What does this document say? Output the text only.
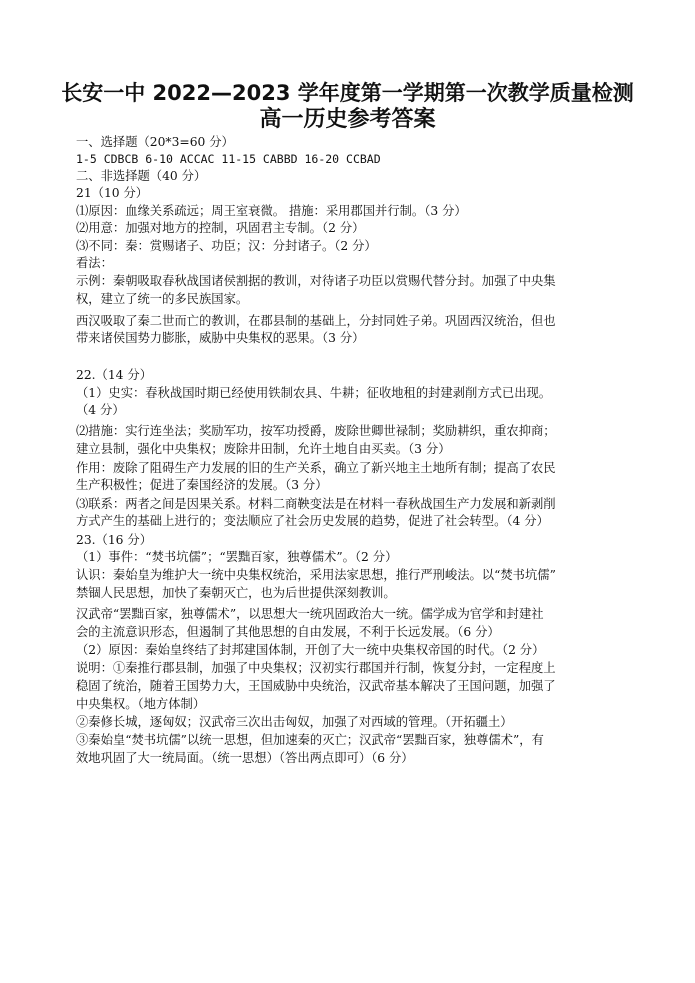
长安一中 2022—2023 学年度第一学期第一次教学质量检测
高一历史参考答案
一、选择题（20*3=60 分）
1-5 CDBCB 6-10 ACCAC 11-15 CABBD 16-20 CCBAD
二、非选择题（40 分）
21（10 分）
⑴原因：血缘关系疏远；周王室衰微。 措施：采用郡国并行制。（3 分）
⑵用意：加强对地方的控制，巩固君主专制。（2 分）
⑶不同：秦：赏赐诸子、功臣；汉：分封诸子。（2 分）
看法：
示例：秦朝吸取春秋战国诸侯割据的教训，对待诸子功臣以赏赐代替分封。加强了中央集
权，建立了统一的多民族国家。
西汉吸取了秦二世而亡的教训，在郡县制的基础上，分封同姓子弟。巩固西汉统治，但也
带来诸侯国势力膨胀，威胁中央集权的恶果。（3 分）
22.（14 分）
（1）史实：春秋战国时期已经使用铁制农具、牛耕；征收地租的封建剥削方式已出现。
（4 分）
⑵措施：实行连坐法；奖励军功，按军功授爵，废除世卿世禄制；奖励耕织，重农抑商；
建立县制，强化中央集权；废除井田制，允许土地自由买卖。（3 分）
作用：废除了阻碍生产力发展的旧的生产关系，确立了新兴地主土地所有制；提高了农民
生产积极性；促进了秦国经济的发展。（3 分）
⑶联系：两者之间是因果关系。材料二商鞅变法是在材料一春秋战国生产力发展和新剥削
方式产生的基础上进行的；变法顺应了社会历史发展的趋势，促进了社会转型。（4 分）
23.（16 分）
（1）事件：“焚书坑儒”；“罢黜百家，独尊儒术”。（2 分）
认识：秦始皇为维护大一统中央集权统治，采用法家思想，推行严刑峻法。以“焚书坑儒”
禁锢人民思想，加快了秦朝灭亡，也为后世提供深刻教训。
汉武帝“罢黜百家，独尊儒术”，以思想大一统巩固政治大一统。儒学成为官学和封建社
会的主流意识形态，但遏制了其他思想的自由发展，不利于长远发展。（6 分）
（2）原因：秦始皇终结了封邦建国体制，开创了大一统中央集权帝国的时代。（2 分）
说明：①秦推行郡县制，加强了中央集权；汉初实行郡国并行制，恢复分封，一定程度上
稳固了统治，随着王国势力大，王国威胁中央统治，汉武帝基本解决了王国问题，加强了
中央集权。（地方体制）
②秦修长城，逐匈奴；汉武帝三次出击匈奴，加强了对西域的管理。（开拓疆土）
③秦始皇“焚书坑儒”以统一思想，但加速秦的灭亡；汉武帝“罢黜百家，独尊儒术”，有
效地巩固了大一统局面。（统一思想）（答出两点即可）（6 分）
